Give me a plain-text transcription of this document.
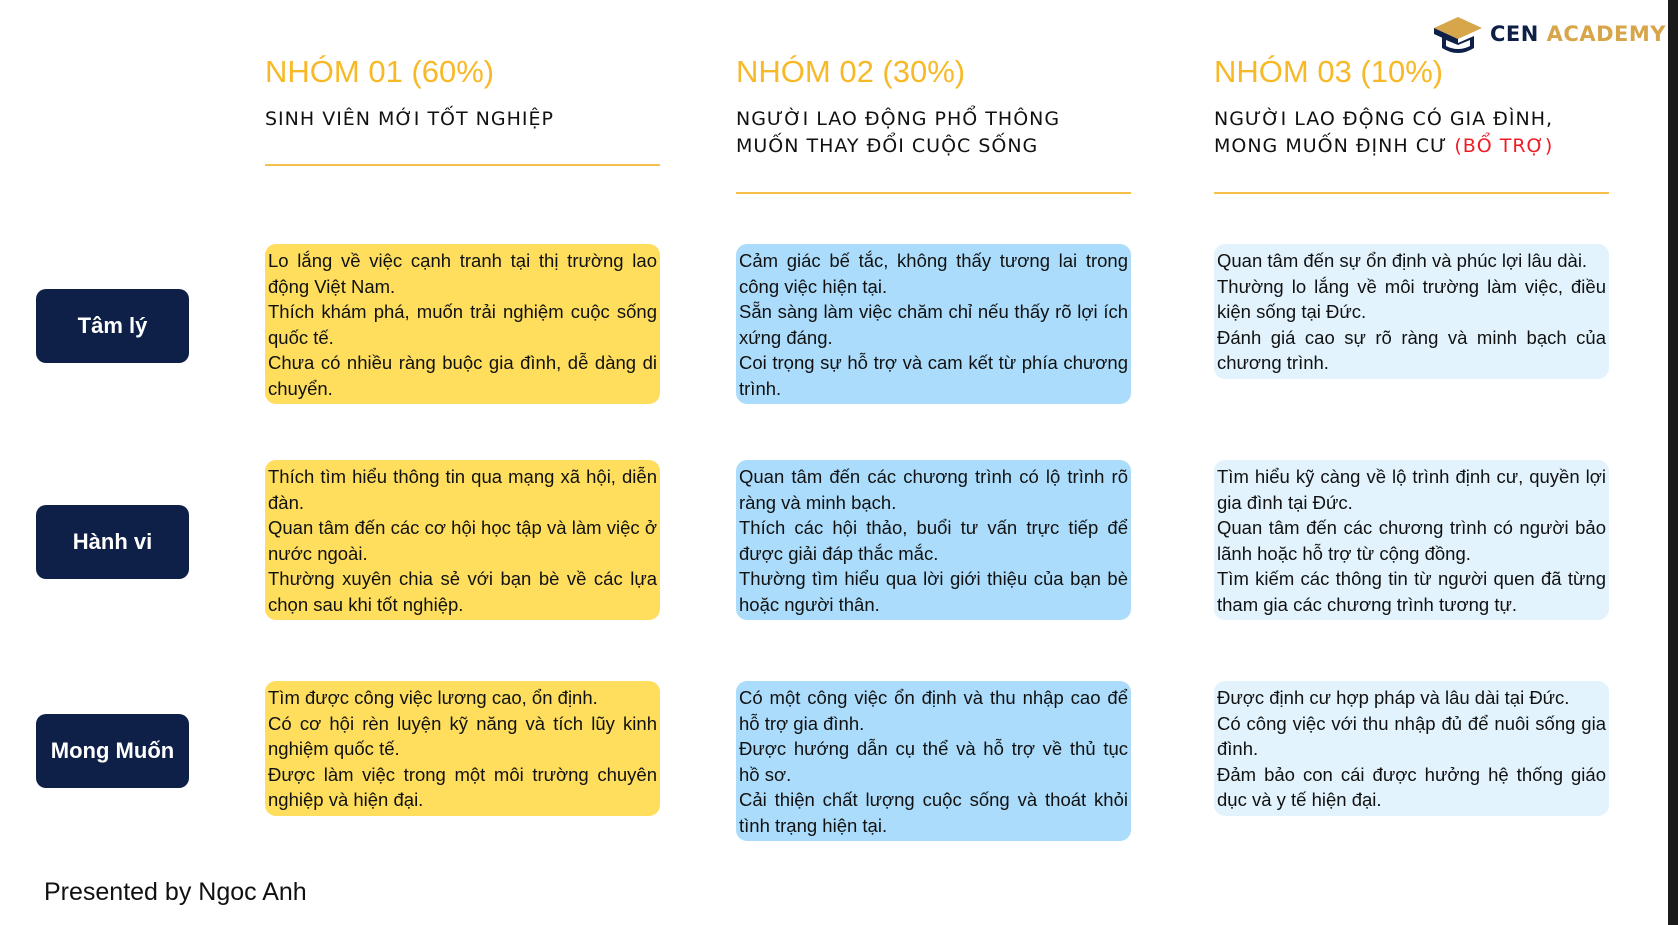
CEN ACADEMY
NHÓM 01 (60%)
SINH VIÊN MỚI TỐT NGHIỆP
NHÓM 02 (30%)
NGƯỜI LAO ĐỘNG PHỔ THÔNG MUỐN THAY ĐỔI CUỘC SỐNG
NHÓM 03 (10%)
NGƯỜI LAO ĐỘNG CÓ GIA ĐÌNH, MONG MUỐN ĐỊNH CƯ (BỔ TRỢ)
Tâm lý
Hành vi
Mong Muốn

Lo lắng về việc cạnh tranh tại thị trường lao động Việt Nam.

Thích khám phá, muốn trải nghiệm cuộc sống quốc tế.

Chưa có nhiều ràng buộc gia đình, dễ dàng di chuyển.

Cảm giác bế tắc, không thấy tương lai trong công việc hiện tại.

Sẵn sàng làm việc chăm chỉ nếu thấy rõ lợi ích xứng đáng.

Coi trọng sự hỗ trợ và cam kết từ phía chương trình.

Quan tâm đến sự ổn định và phúc lợi lâu dài.

Thường lo lắng về môi trường làm việc, điều kiện sống tại Đức.

Đánh giá cao sự rõ ràng và minh bạch của chương trình.

Thích tìm hiểu thông tin qua mạng xã hội, diễn đàn.

Quan tâm đến các cơ hội học tập và làm việc ở nước ngoài.

Thường xuyên chia sẻ với bạn bè về các lựa chọn sau khi tốt nghiệp.

Quan tâm đến các chương trình có lộ trình rõ ràng và minh bạch.

Thích các hội thảo, buổi tư vấn trực tiếp để được giải đáp thắc mắc.

Thường tìm hiểu qua lời giới thiệu của bạn bè hoặc người thân.

Tìm hiểu kỹ càng về lộ trình định cư, quyền lợi gia đình tại Đức.

Quan tâm đến các chương trình có người bảo lãnh hoặc hỗ trợ từ cộng đồng.

Tìm kiếm các thông tin từ người quen đã từng tham gia các chương trình tương tự.

Tìm được công việc lương cao, ổn định.

Có cơ hội rèn luyện kỹ năng và tích lũy kinh nghiệm quốc tế.

Được làm việc trong một môi trường chuyên nghiệp và hiện đại.

Có một công việc ổn định và thu nhập cao để hỗ trợ gia đình.

Được hướng dẫn cụ thể và hỗ trợ về thủ tục hồ sơ.

Cải thiện chất lượng cuộc sống và thoát khỏi tình trạng hiện tại.

Được định cư hợp pháp và lâu dài tại Đức.

Có công việc với thu nhập đủ để nuôi sống gia đình.

Đảm bảo con cái được hưởng hệ thống giáo dục và y tế hiện đại.

Presented by Ngoc Anh
